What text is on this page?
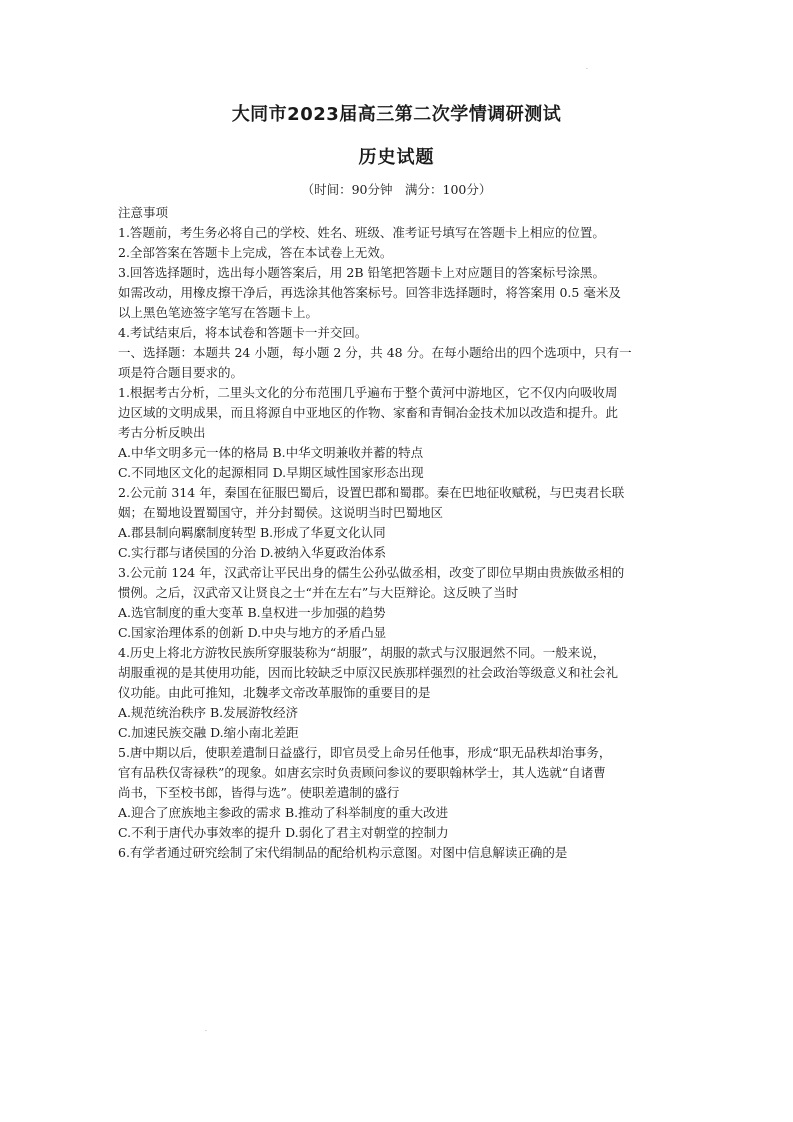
.
.
大同市2023届高三第二次学情调研测试
历史试题
（时间：90分钟　满分：100分）
注意事项
1.答题前，考生务必将自己的学校、姓名、班级、准考证号填写在答题卡上相应的位置。
2.全部答案在答题卡上完成，答在本试卷上无效。
3.回答选择题时，选出每小题答案后，用 2B 铅笔把答题卡上对应题目的答案标号涂黑。
如需改动，用橡皮擦干净后，再选涂其他答案标号。回答非选择题时，将答案用 0.5 毫米及
以上黑色笔迹签字笔写在答题卡上。
4.考试结束后，将本试卷和答题卡一并交回。
一、选择题：本题共 24 小题，每小题 2 分，共 48 分。在每小题给出的四个选项中，只有一
项是符合题目要求的。
1.根据考古分析，二里头文化的分布范围几乎遍布于整个黄河中游地区，它不仅内向吸收周
边区域的文明成果，而且将源自中亚地区的作物、家畜和青铜冶金技术加以改造和提升。此
考古分析反映出
A.中华文明多元一体的格局 B.中华文明兼收并蓄的特点
C.不同地区文化的起源相同 D.早期区域性国家形态出现
2.公元前 314 年，秦国在征服巴蜀后，设置巴郡和蜀郡。秦在巴地征收赋税，与巴夷君长联
姻；在蜀地设置蜀国守，并分封蜀侯。这说明当时巴蜀地区
A.郡县制向羁縻制度转型 B.形成了华夏文化认同
C.实行郡与诸侯国的分治 D.被纳入华夏政治体系
3.公元前 124 年，汉武帝让平民出身的儒生公孙弘做丞相，改变了即位早期由贵族做丞相的
惯例。之后，汉武帝又让贤良之士“并在左右”与大臣辩论。这反映了当时
A.选官制度的重大变革 B.皇权进一步加强的趋势
C.国家治理体系的创新 D.中央与地方的矛盾凸显
4.历史上将北方游牧民族所穿服装称为“胡服”，胡服的款式与汉服迥然不同。一般来说，
胡服重视的是其使用功能，因而比较缺乏中原汉民族那样强烈的社会政治等级意义和社会礼
仪功能。由此可推知，北魏孝文帝改革服饰的重要目的是
A.规范统治秩序 B.发展游牧经济
C.加速民族交融 D.缩小南北差距
5.唐中期以后，使职差遣制日益盛行，即官员受上命另任他事，形成“职无品秩却治事务，
官有品秩仅寄禄秩”的现象。如唐玄宗时负责顾问参议的要职翰林学士，其人选就“自诸曹
尚书，下至校书郎，皆得与选”。使职差遣制的盛行
A.迎合了庶族地主参政的需求 B.推动了科举制度的重大改进
C.不利于唐代办事效率的提升 D.弱化了君主对朝堂的控制力
6.有学者通过研究绘制了宋代绢制品的配给机构示意图。对图中信息解读正确的是
